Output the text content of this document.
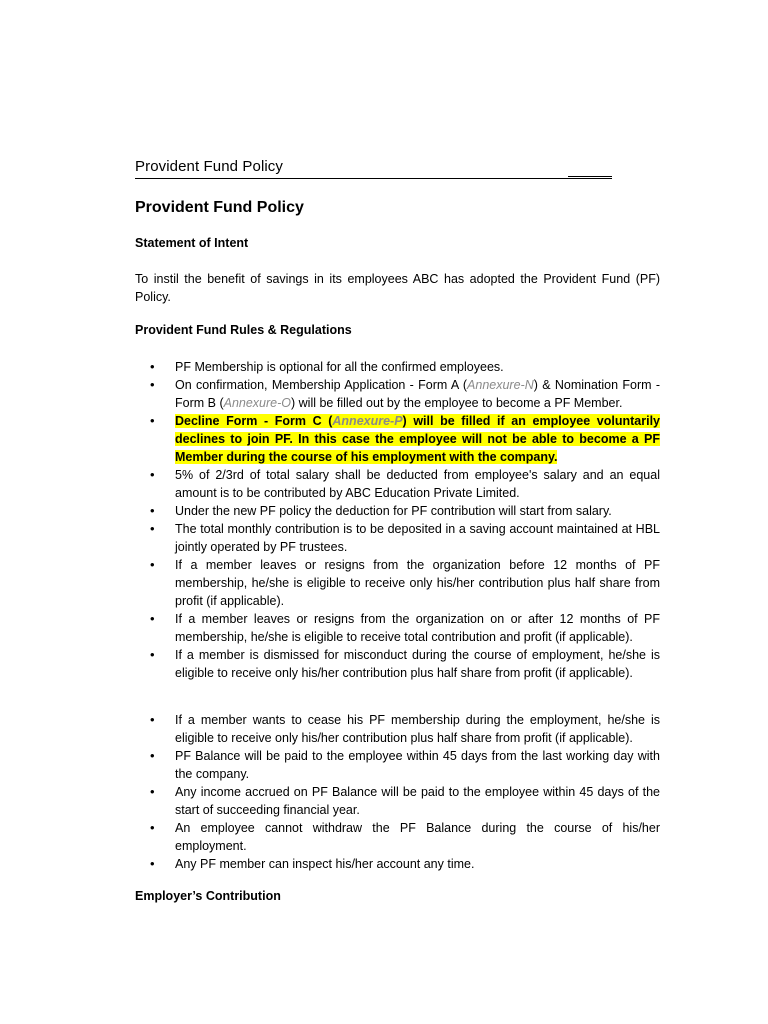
Provident Fund Policy
Provident Fund Policy
Statement of Intent
To instil the benefit of savings in its employees ABC has adopted the Provident Fund (PF) Policy.
Provident Fund Rules & Regulations
• PF Membership is optional for all the confirmed employees.
• On confirmation, Membership Application - Form A (Annexure-N) & Nomination Form - Form B (Annexure-O) will be filled out by the employee to become a PF Member.
• Decline Form - Form C (Annexure-P) will be filled if an employee voluntarily declines to join PF. In this case the employee will not be able to become a PF Member during the course of his employment with the company.
• 5% of 2/3rd of total salary shall be deducted from employee's salary and an equal amount is to be contributed by ABC Education Private Limited.
• Under the new PF policy the deduction for PF contribution will start from salary.
• The total monthly contribution is to be deposited in a saving account maintained at HBL jointly operated by PF trustees.
• If a member leaves or resigns from the organization before 12 months of PF membership, he/she is eligible to receive only his/her contribution plus half share from profit (if applicable).
• If a member leaves or resigns from the organization on or after 12 months of PF membership, he/she is eligible to receive total contribution and profit (if applicable).
• If a member is dismissed for misconduct during the course of employment, he/she is eligible to receive only his/her contribution plus half share from profit (if applicable).
• If a member wants to cease his PF membership during the employment, he/she is eligible to receive only his/her contribution plus half share from profit (if applicable).
• PF Balance will be paid to the employee within 45 days from the last working day with the company.
• Any income accrued on PF Balance will be paid to the employee within 45 days of the start of succeeding financial year.
• An employee cannot withdraw the PF Balance during the course of his/her employment.
• Any PF member can inspect his/her account any time.
Employer’s Contribution
